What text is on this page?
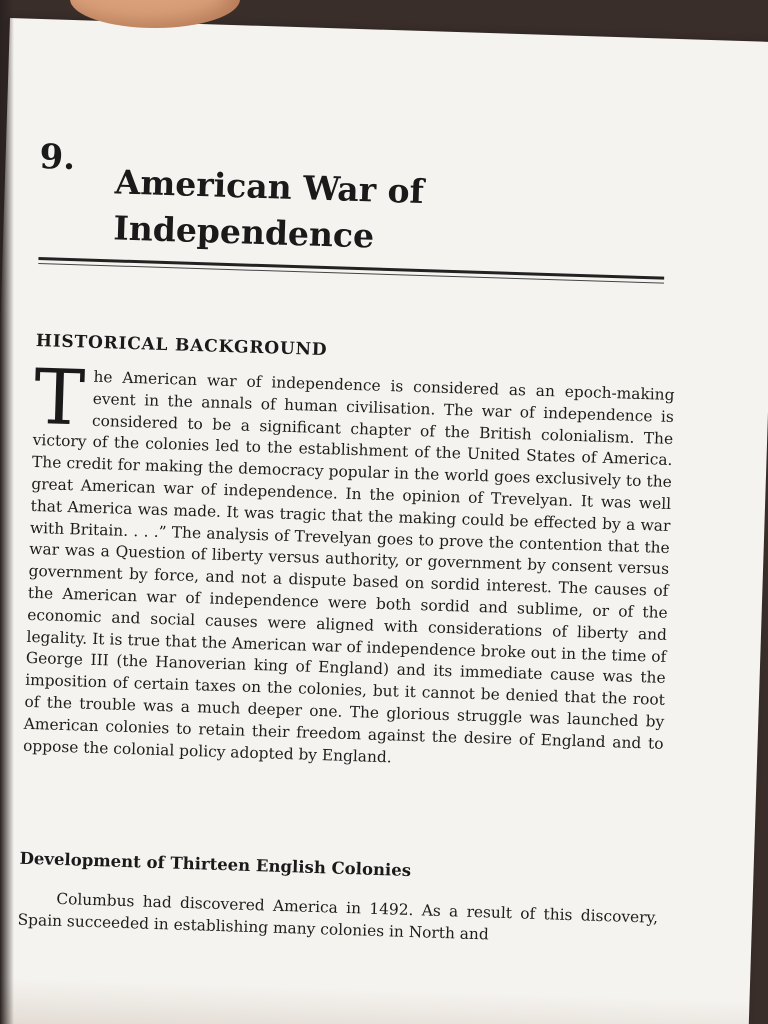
9.
American War of Independence
HISTORICAL BACKGROUND

The American war of independence is considered as an epoch-making event in the annals of human civilisation. The war of independence is considered to be a significant chapter of the British colonialism. The victory of the colonies led to the establishment of the United States of America. The credit for making the democracy popular in the world goes exclusively to the great American war of independence. In the opinion of Trevelyan. It was well that America was made. It was tragic that the making could be effected by a war with Britain. . . .” The analysis of Trevelyan goes to prove the contention that the war was a Question of liberty versus authority, or government by consent versus government by force, and not a dispute based on sordid interest. The causes of the American war of independence were both sordid and sublime, or of the economic and social causes were aligned with considerations of liberty and legality. It is true that the American war of independence broke out in the time of George III (the Hanoverian king of England) and its immediate cause was the imposition of certain taxes on the colonies, but it cannot be denied that the root of the trouble was a much deeper one. The glorious struggle was launched by American colonies to retain their freedom against the desire of England and to oppose the colonial policy adopted by England.

Development of Thirteen English Colonies

Columbus had discovered America in 1492. As a result of this discovery, Spain succeeded in establishing many colonies in North and
